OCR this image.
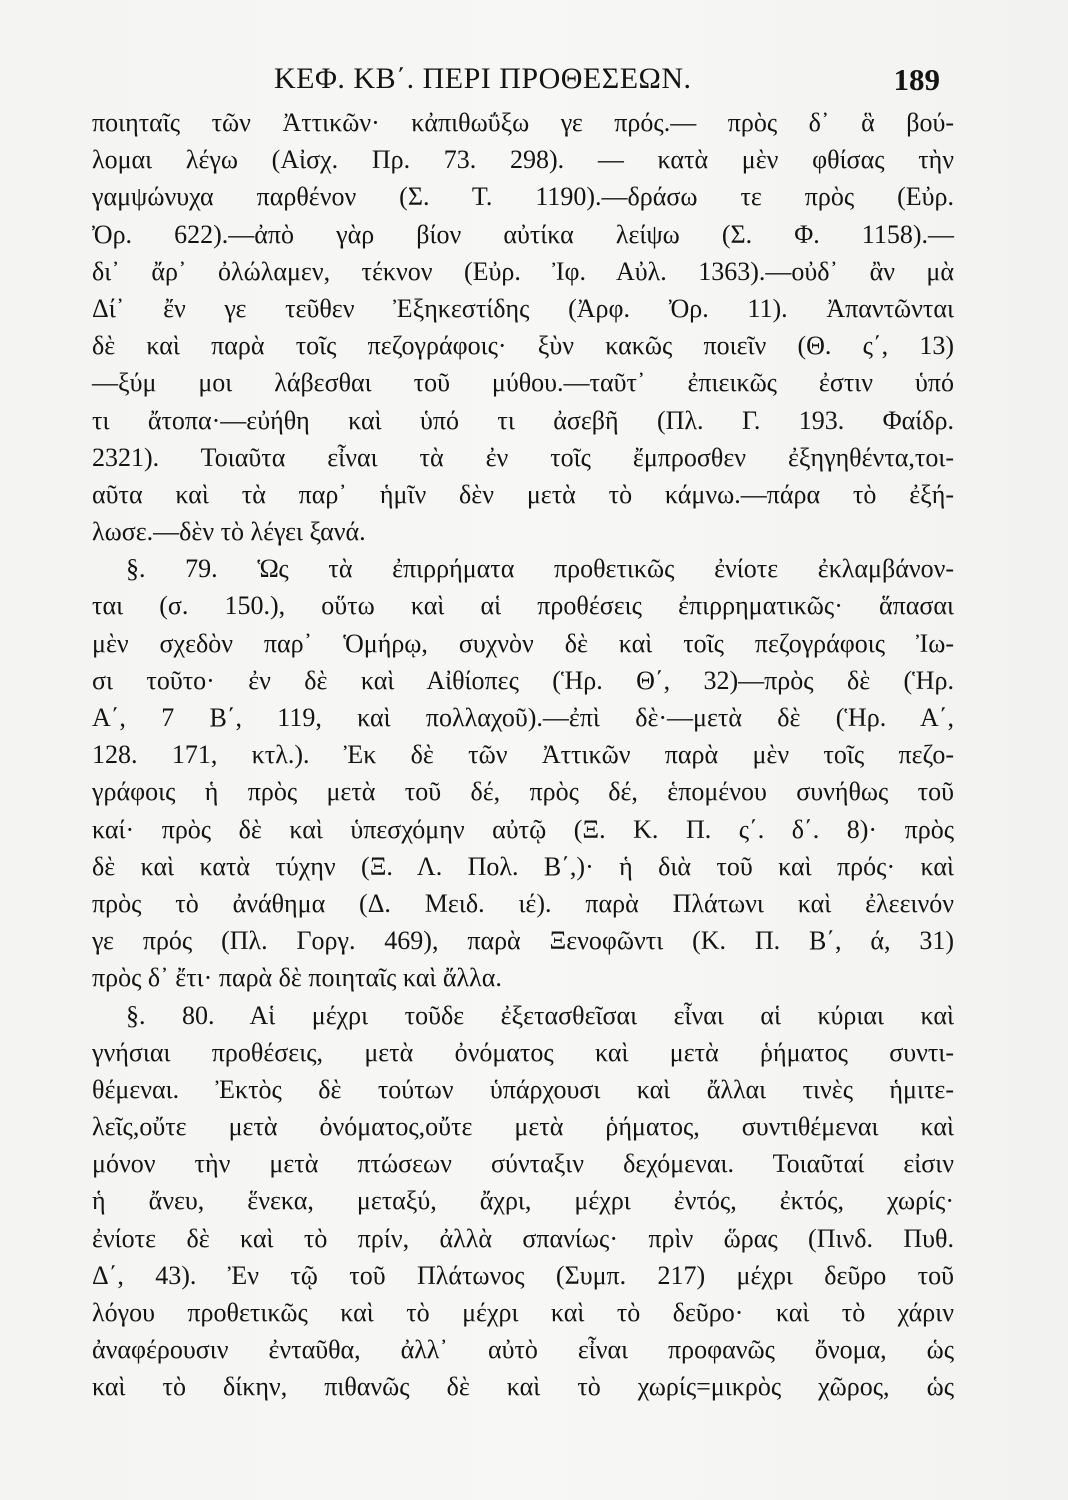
ΚΕΦ. ΚΒ΄. ΠΕΡΙ ΠΡΟΘΕΣΕΩΝ.	189
ποιηταῖς τῶν Ἀττικῶν· κἀπιθωΰξω γε πρός.— πρὸς δ᾽ ἃ βού-
λομαι λέγω (Αἰσχ. Πρ. 73. 298). — κατὰ μὲν φθίσας τὴν
γαμψώνυχα παρθένον (Σ. Τ. 1190).—δράσω τε πρὸς (Εὐρ.
Ὀρ. 622).—ἀπὸ γὰρ βίον αὐτίκα λείψω (Σ. Φ. 1158).—
δι᾽ ἄρ᾽ ὀλώλαμεν, τέκνον (Εὐρ. Ἰφ. Αὐλ. 1363).—οὐδ᾽ ἂν μὰ
Δί᾽ ἔν γε τεῦθεν Ἐξηκεστίδης (Ἀρφ. Ὀρ. 11). Ἀπαντῶνται
δὲ καὶ παρὰ τοῖς πεζογράφοις· ξὺν κακῶς ποιεῖν (Θ. ς΄, 13)
—ξύμ μοι λάβεσθαι τοῦ μύθου.—ταῦτ᾽ ἐπιεικῶς ἐστιν ὑπό
τι ἄτοπα·—εὐήθη καὶ ὑπό τι ἀσεβῆ (Πλ. Γ. 193. Φαίδρ.
2321). Τοιαῦτα εἶναι τὰ ἐν τοῖς ἔμπροσθεν ἐξηγηθέντα,τοι-
αῦτα καὶ τὰ παρ᾽ ἡμῖν δὲν μετὰ τὸ κάμνω.—πάρα τὸ ἐξή-
λωσε.—δὲν τὸ λέγει ξανά.
§. 79. Ὡς τὰ ἐπιρρήματα προθετικῶς ἐνίοτε ἐκλαμβάνον-
ται (σ. 150.), οὕτω καὶ αἱ προθέσεις ἐπιρρηματικῶς· ἅπασαι
μὲν σχεδὸν παρ᾽ Ὁμήρῳ, συχνὸν δὲ καὶ τοῖς πεζογράφοις Ἰω-
σι τοῦτο· ἐν δὲ καὶ Αἰθίοπες (Ἡρ. Θ΄, 32)—πρὸς δὲ (Ἡρ.
Α΄, 7 Β΄, 119, καὶ πολλαχοῦ).—ἐπὶ δὲ·—μετὰ δὲ (Ἡρ. Α΄,
128. 171, κτλ.). Ἐκ δὲ τῶν Ἀττικῶν παρὰ μὲν τοῖς πεζο-
γράφοις ἡ πρὸς μετὰ τοῦ δέ, πρὸς δέ, ἑπομένου συνήθως τοῦ
καί· πρὸς δὲ καὶ ὑπεσχόμην αὐτῷ (Ξ. Κ. Π. ς΄. δ΄. 8)· πρὸς
δὲ καὶ κατὰ τύχην (Ξ. Λ. Πολ. Β΄,)· ἡ διὰ τοῦ καὶ πρός· καὶ
πρὸς τὸ ἀνάθημα (Δ. Μειδ. ιέ). παρὰ Πλάτωνι καὶ ἐλεεινόν
γε πρός (Πλ. Γοργ. 469), παρὰ Ξενοφῶντι (Κ. Π. Β΄, ά, 31)
πρὸς δ᾽ ἔτι· παρὰ δὲ ποιηταῖς καὶ ἄλλα.
§. 80. Αἱ μέχρι τοῦδε ἐξετασθεῖσαι εἶναι αἱ κύριαι καὶ
γνήσιαι προθέσεις, μετὰ ὀνόματος καὶ μετὰ ῥήματος συντι-
θέμεναι. Ἐκτὸς δὲ τούτων ὑπάρχουσι καὶ ἄλλαι τινὲς ἡμιτε-
λεῖς,οὔτε μετὰ ὀνόματος,οὔτε μετὰ ῥήματος, συντιθέμεναι καὶ
μόνον τὴν μετὰ πτώσεων σύνταξιν δεχόμεναι. Τοιαῦταί εἰσιν
ἡ ἄνευ, ἕνεκα, μεταξύ, ἄχρι, μέχρι ἐντός, ἐκτός, χωρίς·
ἐνίοτε δὲ καὶ τὸ πρίν, ἀλλὰ σπανίως· πρὶν ὥρας (Πινδ. Πυθ.
Δ΄, 43). Ἐν τῷ τοῦ Πλάτωνος (Συμπ. 217) μέχρι δεῦρο τοῦ
λόγου προθετικῶς καὶ τὸ μέχρι καὶ τὸ δεῦρο· καὶ τὸ χάριν
ἀναφέρουσιν ἐνταῦθα, ἀλλ᾽ αὐτὸ εἶναι προφανῶς ὄνομα, ὡς
καὶ τὸ δίκην, πιθανῶς δὲ καὶ τὸ χωρίς=μικρὸς χῶρος, ὡς
